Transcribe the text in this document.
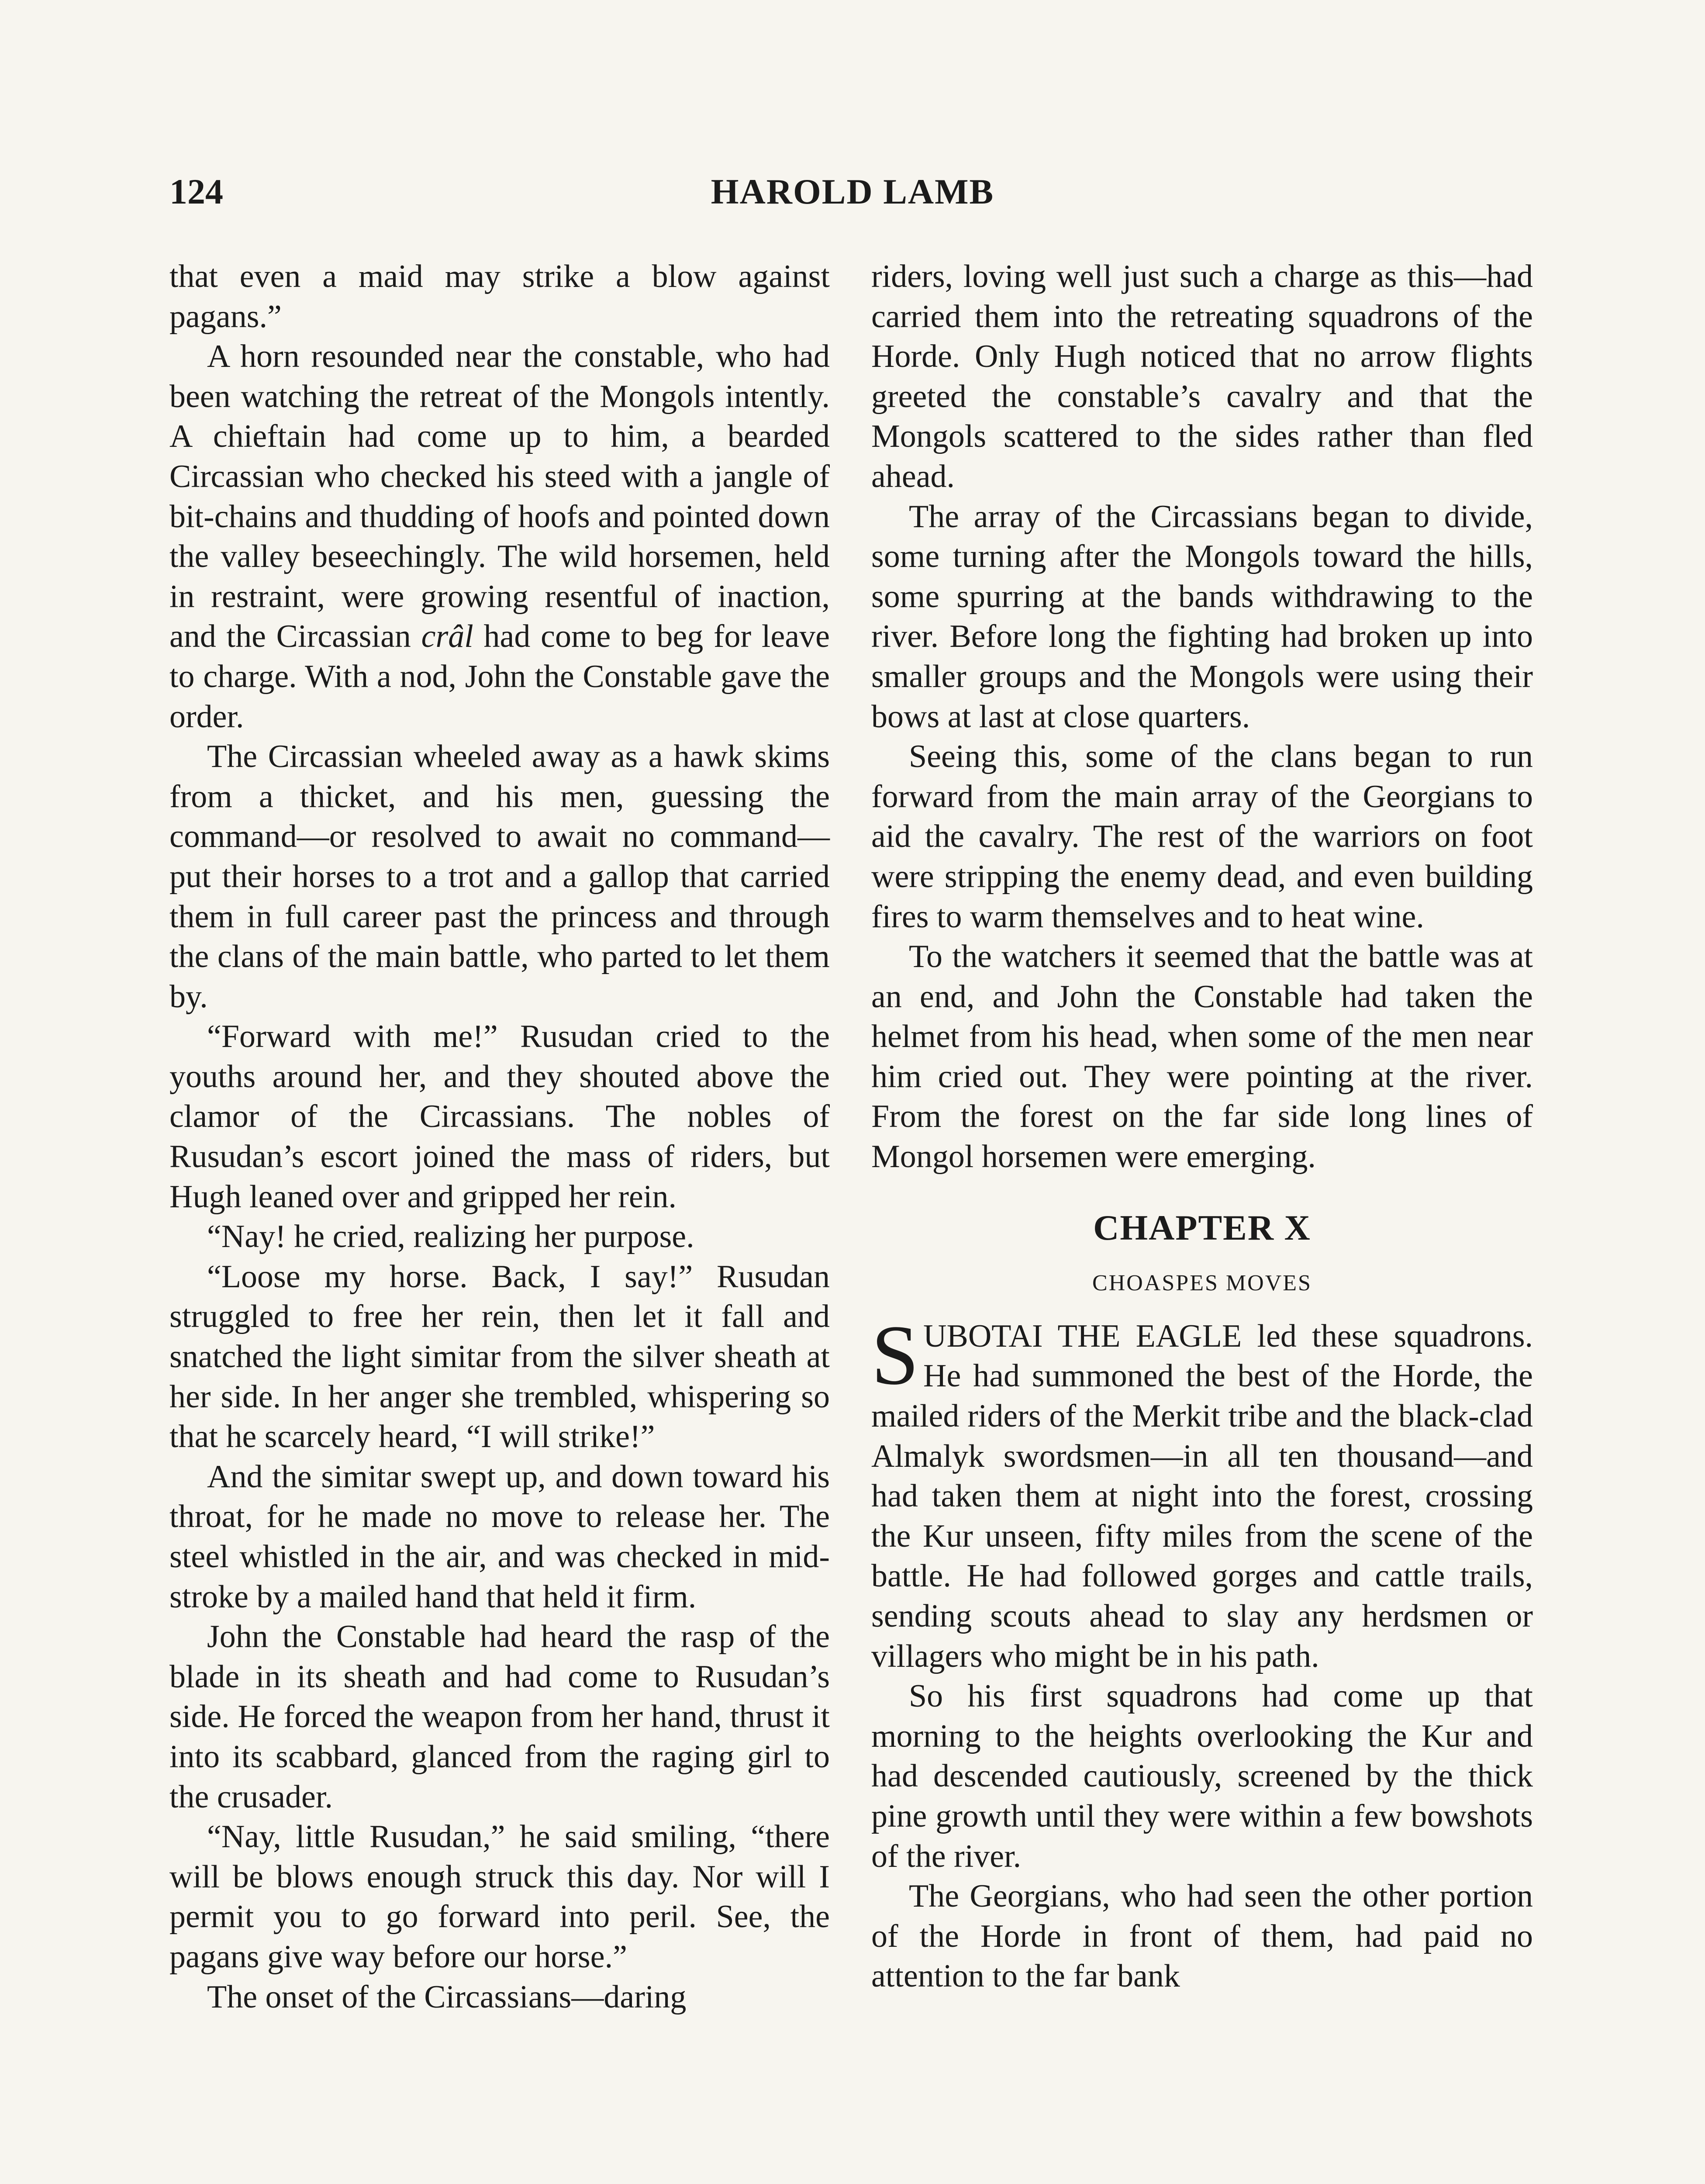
124	HAROLD LAMB

that even a maid may strike a blow against pagans.”

A horn resounded near the constable, who had been watching the retreat of the Mongols intently. A chieftain had come up to him, a bearded Circassian who checked his steed with a jangle of bit-chains and thudding of hoofs and pointed down the valley beseechingly. The wild horsemen, held in restraint, were growing resentful of inaction, and the Circassian crâl had come to beg for leave to charge. With a nod, John the Constable gave the order.

The Circassian wheeled away as a hawk skims from a thicket, and his men, guessing the command—or resolved to await no command—put their horses to a trot and a gallop that carried them in full career past the princess and through the clans of the main battle, who parted to let them by.

“Forward with me!” Rusudan cried to the youths around her, and they shouted above the clamor of the Circassians. The nobles of Rusudan’s escort joined the mass of riders, but Hugh leaned over and gripped her rein.

“Nay! he cried, realizing her purpose.

“Loose my horse. Back, I say!” Rusudan struggled to free her rein, then let it fall and snatched the light simitar from the silver sheath at her side. In her anger she trembled, whispering so that he scarcely heard, “I will strike!”

And the simitar swept up, and down toward his throat, for he made no move to release her. The steel whistled in the air, and was checked in mid-stroke by a mailed hand that held it firm.

John the Constable had heard the rasp of the blade in its sheath and had come to Rusudan’s side. He forced the weapon from her hand, thrust it into its scabbard, glanced from the raging girl to the crusader.

“Nay, little Rusudan,” he said smiling, “there will be blows enough struck this day. Nor will I permit you to go forward into peril. See, the pagans give way before our horse.”

The onset of the Circassians—daring

riders, loving well just such a charge as this—had carried them into the retreating squadrons of the Horde. Only Hugh noticed that no arrow flights greeted the constable’s cavalry and that the Mongols scattered to the sides rather than fled ahead.

The array of the Circassians began to divide, some turning after the Mongols toward the hills, some spurring at the bands withdrawing to the river. Before long the fighting had broken up into smaller groups and the Mongols were using their bows at last at close quarters.

Seeing this, some of the clans began to run forward from the main array of the Georgians to aid the cavalry. The rest of the warriors on foot were stripping the enemy dead, and even building fires to warm themselves and to heat wine.

To the watchers it seemed that the battle was at an end, and John the Constable had taken the helmet from his head, when some of the men near him cried out. They were pointing at the river. From the forest on the far side long lines of Mongol horsemen were emerging.

CHAPTER X
CHOASPES MOVES

SUBOTAI THE EAGLE led these squadrons. He had summoned the best of the Horde, the mailed riders of the Merkit tribe and the black-clad Almalyk swordsmen—in all ten thousand—and had taken them at night into the forest, crossing the Kur unseen, fifty miles from the scene of the battle. He had followed gorges and cattle trails, sending scouts ahead to slay any herdsmen or villagers who might be in his path.

So his first squadrons had come up that morning to the heights overlooking the Kur and had descended cautiously, screened by the thick pine growth until they were within a few bowshots of the river.

The Georgians, who had seen the other portion of the Horde in front of them, had paid no attention to the far bank
